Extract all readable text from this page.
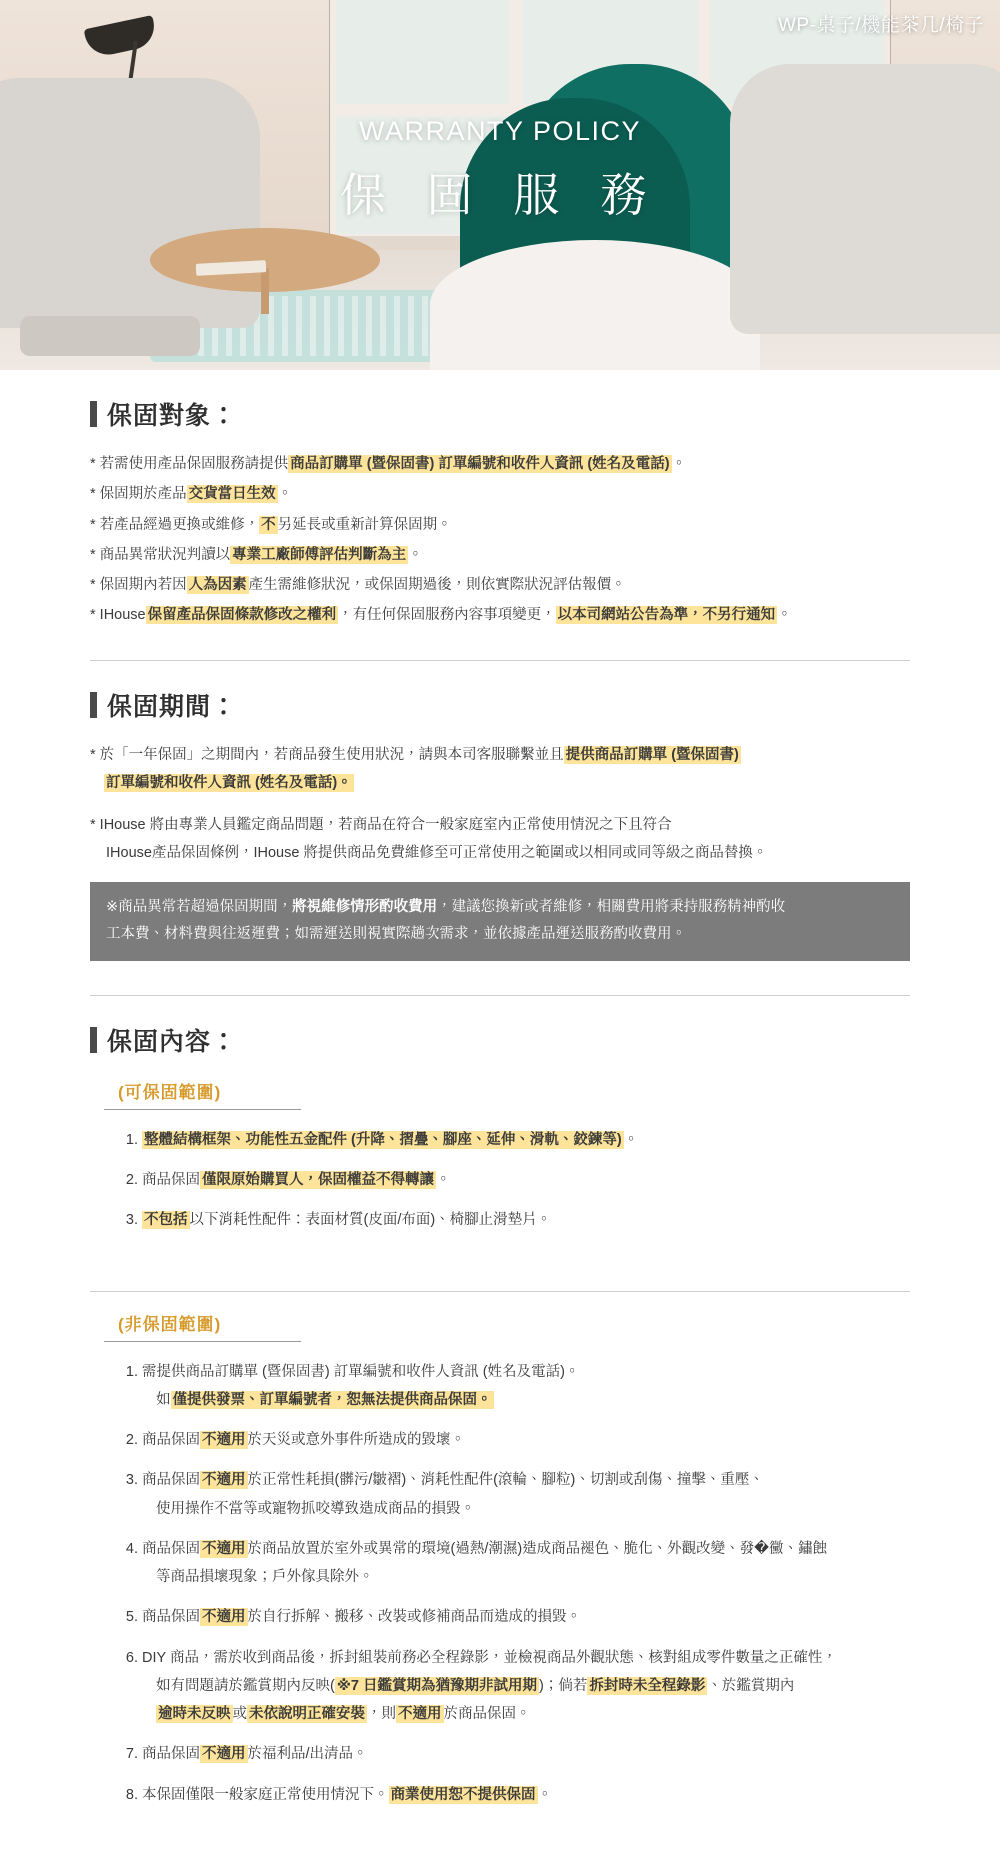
WP-桌子/機能茶几/椅子
WARRANTY POLICY
保 固 服 務
保固對象：
* 若需使用產品保固服務請提供 商品訂購單 (暨保固書) 訂單編號和收件人資訊 (姓名及電話) 。
* 保固期於產品 交貨當日生效 。
* 若產品經過更換或維修， 不 另延長或重新計算保固期。
* 商品異常狀況判讀以 專業工廠師傅評估判斷為主 。
* 保固期內若因 人為因素 產生需維修狀況，或保固期過後，則依實際狀況評估報價。
* IHouse 保留產品保固條款修改之權利 ，有任何保固服務內容事項變更， 以本司網站公告為準，不另行通知 。
保固期間：
* 於「一年保固」之期間內，若商品發生使用狀況，請與本司客服聯繫並且 提供商品訂購單 (暨保固書)
訂單編號和收件人資訊 (姓名及電話)。
* IHouse 將由專業人員鑑定商品問題，若商品在符合一般家庭室內正常使用情況之下且符合
IHouse產品保固條例，IHouse 將提供商品免費維修至可正常使用之範圍或以相同或同等級之商品替換。
※商品異常若超過保固期間，將視維修情形酌收費用，建議您換新或者維修，相關費用將秉持服務精神酌收
工本費、材料費與往返運費；如需運送則視實際趟次需求，並依據產品運送服務酌收費用。
保固內容：
(可保固範圍)
1. 整體結構框架、功能性五金配件 (升降、摺疊、腳座、延伸、滑軌、鉸鍊等) 。
2. 商品保固 僅限原始購買人，保固權益不得轉讓 。
3. 不包括 以下消耗性配件：表面材質(皮面/布面)、椅腳止滑墊片。
(非保固範圍)
1. 需提供商品訂購單 (暨保固書) 訂單編號和收件人資訊 (姓名及電話)。
如 僅提供發票、訂單編號者，恕無法提供商品保固。
2. 商品保固 不適用 於天災或意外事件所造成的毀壞。
3. 商品保固 不適用 於正常性耗損(髒污/皺褶)、消耗性配件(滾輪、腳粒)、切割或刮傷、撞擊、重壓、
使用操作不當等或寵物抓咬導致造成商品的損毀。
4. 商品保固 不適用 於商品放置於室外或異常的環境(過熱/潮濕)造成商品褪色、脆化、外觀改變、發�黴、鏽蝕
等商品損壞現象；戶外傢具除外。
5. 商品保固 不適用 於自行拆解、搬移、改裝或修補商品而造成的損毀。
6. DIY 商品，需於收到商品後，拆封組裝前務必全程錄影，並檢視商品外觀狀態、核對組成零件數量之正確性，
如有問題請於鑑賞期內反映( ※7 日鑑賞期為猶豫期非試用期 )；倘若 拆封時未全程錄影 、於鑑賞期內
逾時未反映 或 未依說明正確安裝 ，則 不適用 於商品保固。
7. 商品保固 不適用 於福利品/出清品。
8. 本保固僅限一般家庭正常使用情況下。 商業使用恕不提供保固 。
